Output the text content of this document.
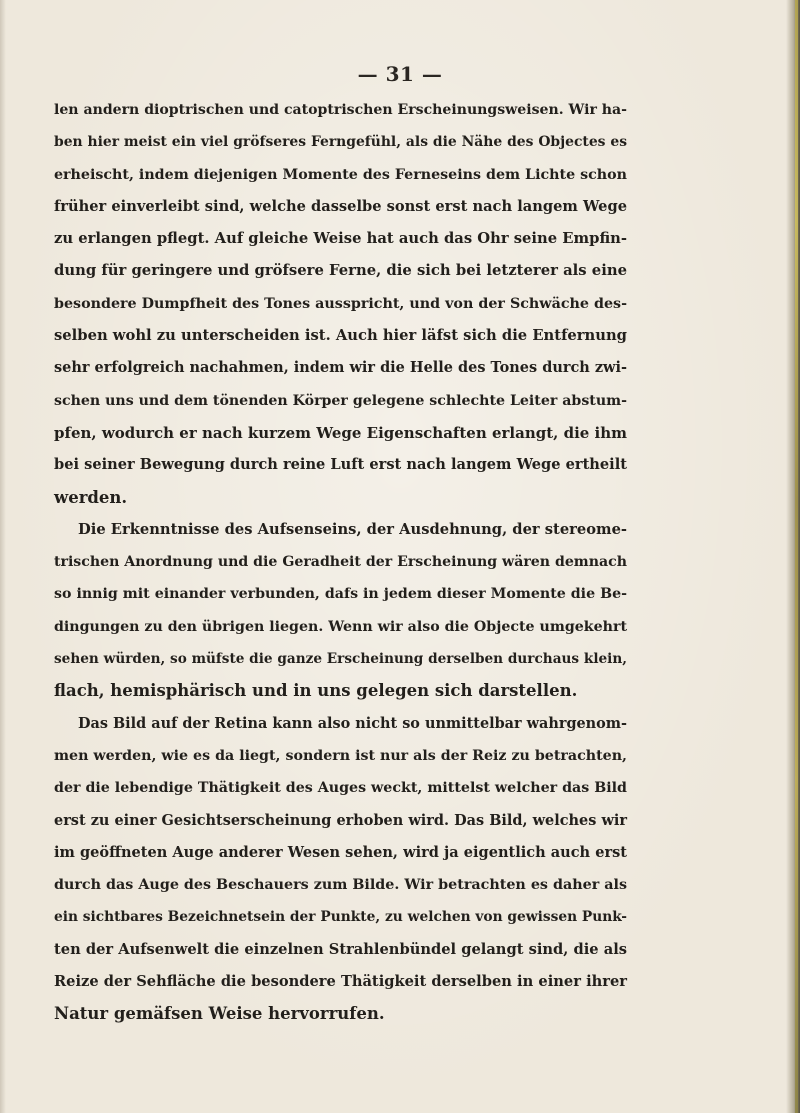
— 31 —
len andern dioptrischen und catoptrischen Erscheinungsweisen. Wir ha-
ben hier meist ein viel gröfseres Ferngefühl, als die Nähe des Objectes es
erheischt, indem diejenigen Momente des Ferneseins dem Lichte schon
früher einverleibt sind, welche dasselbe sonst erst nach langem Wege
zu erlangen pflegt. Auf gleiche Weise hat auch das Ohr seine Empfin-
dung für geringere und gröfsere Ferne, die sich bei letzterer als eine
besondere Dumpfheit des Tones ausspricht, und von der Schwäche des-
selben wohl zu unterscheiden ist. Auch hier läfst sich die Entfernung
sehr erfolgreich nachahmen, indem wir die Helle des Tones durch zwi-
schen uns und dem tönenden Körper gelegene schlechte Leiter abstum-
pfen, wodurch er nach kurzem Wege Eigenschaften erlangt, die ihm
bei seiner Bewegung durch reine Luft erst nach langem Wege ertheilt
werden.
Die Erkenntnisse des Aufsenseins, der Ausdehnung, der stereome-
trischen Anordnung und die Geradheit der Erscheinung wären demnach
so innig mit einander verbunden, dafs in jedem dieser Momente die Be-
dingungen zu den übrigen liegen. Wenn wir also die Objecte umgekehrt
sehen würden, so müfste die ganze Erscheinung derselben durchaus klein,
flach, hemisphärisch und in uns gelegen sich darstellen.
Das Bild auf der Retina kann also nicht so unmittelbar wahrgenom-
men werden, wie es da liegt, sondern ist nur als der Reiz zu betrachten,
der die lebendige Thätigkeit des Auges weckt, mittelst welcher das Bild
erst zu einer Gesichtserscheinung erhoben wird. Das Bild, welches wir
im geöffneten Auge anderer Wesen sehen, wird ja eigentlich auch erst
durch das Auge des Beschauers zum Bilde. Wir betrachten es daher als
ein sichtbares Bezeichnetsein der Punkte, zu welchen von gewissen Punk-
ten der Aufsenwelt die einzelnen Strahlenbündel gelangt sind, die als
Reize der Sehfläche die besondere Thätigkeit derselben in einer ihrer
Natur gemäfsen Weise hervorrufen.
